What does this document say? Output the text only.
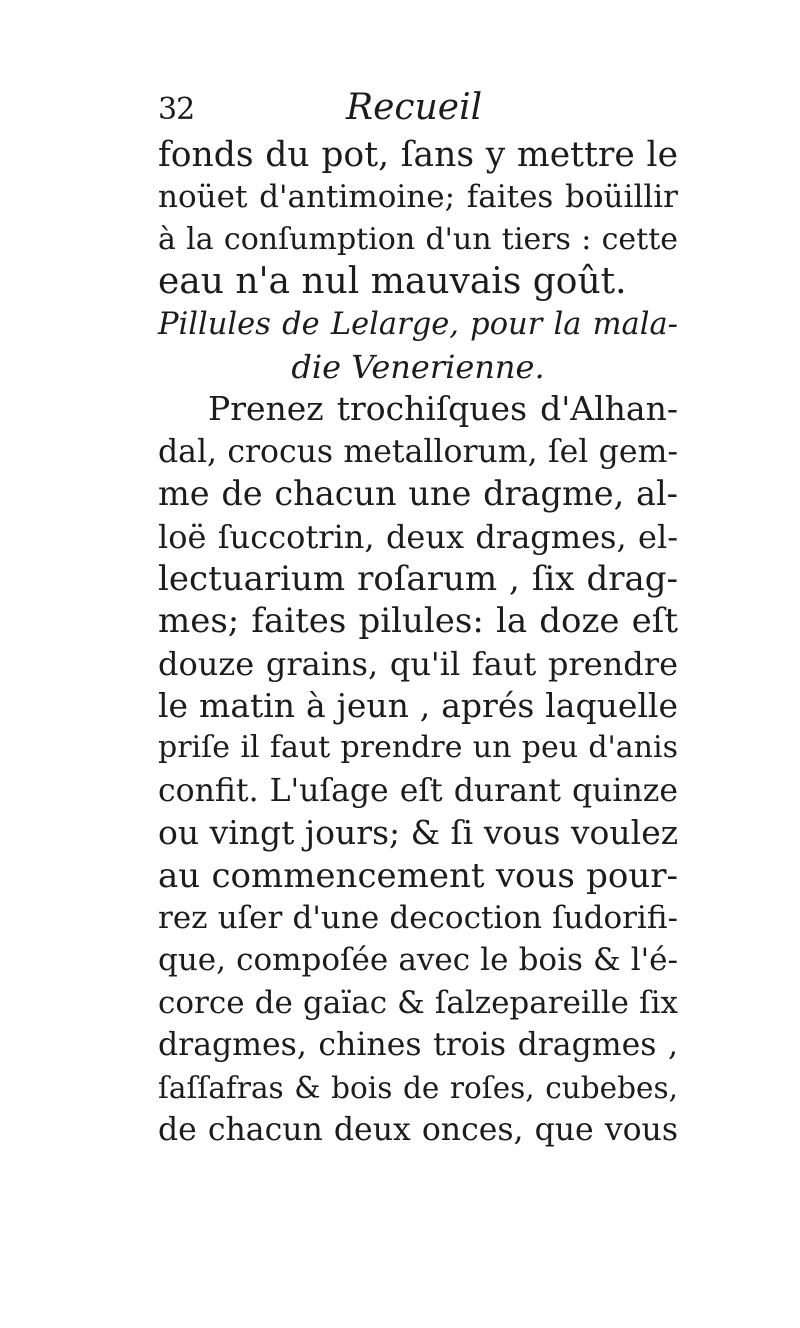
32	Recueil
fonds du pot, ſans y mettre le
noüet d'antimoine; faites boüillir
à la conſumption d'un tiers : cette
eau n'a nul mauvais goût.
Pillules de Lelarge, pour la mala-
die Venerienne.
Prenez trochiſques d'Alhan-
dal, crocus metallorum, ſel gem-
me de chacun une dragme, al-
loë ſuccotrin, deux dragmes, el-
lectuarium roſarum , ſix drag-
mes; faites pilules: la doze eſt
douze grains, qu'il faut prendre
le matin à jeun , aprés laquelle
priſe il faut prendre un peu d'anis
confit. L'uſage eſt durant quinze
ou vingt jours; & ſi vous voulez
au commencement vous pour-
rez uſer d'une decoction ſudorifi-
que, compoſée avec le bois & l'é-
corce de gaïac & ſalzepareille ſix
dragmes, chines trois dragmes ,
ſaſſafras & bois de roſes, cubebes,
de chacun deux onces, que vous
